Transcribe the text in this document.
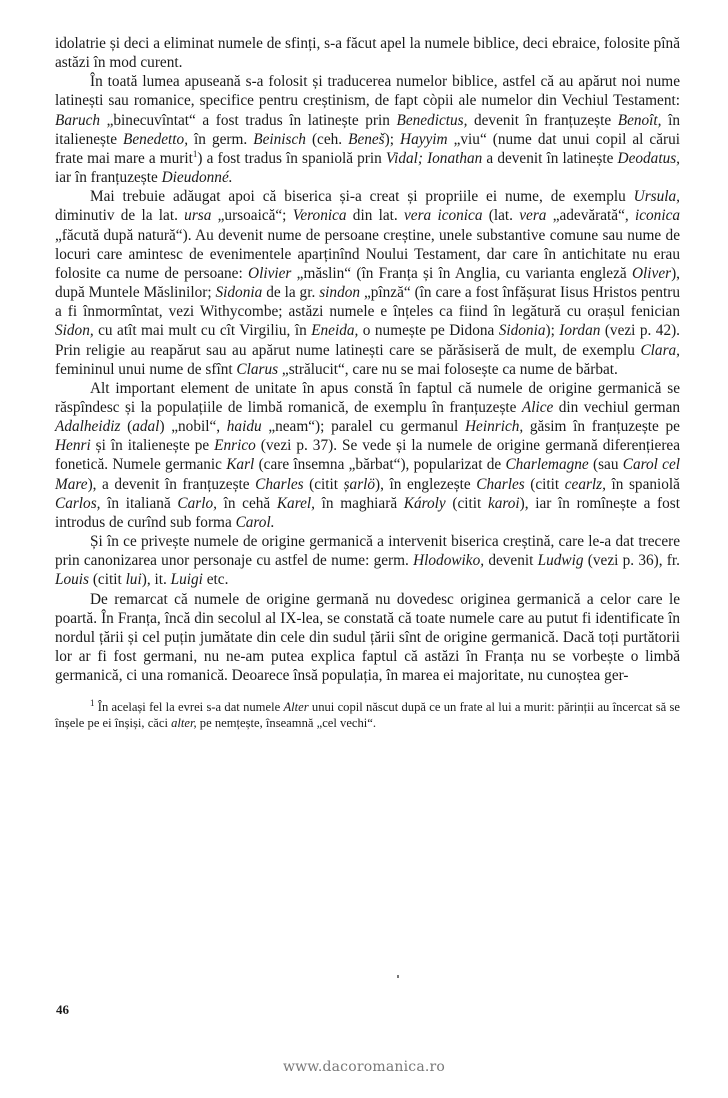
idolatrie și deci a eliminat numele de sfinți, s-a făcut apel la numele biblice, deci ebraice, folosite pînă astăzi în mod curent.

În toată lumea apuseană s-a folosit și traducerea numelor biblice, astfel că au apărut noi nume latinești sau romanice, specifice pentru creștinism, de fapt còpii ale numelor din Vechiul Testament: Baruch „binecuvîntat“ a fost tradus în latinește prin Benedictus, devenit în franțuzește Benoît, în italienește Benedetto, în germ. Beinisch (ceh. Beneš); Hayyim „viu“ (nume dat unui copil al cărui frate mai mare a murit$^1$) a fost tradus în spaniolă prin Vidal; Ionathan a devenit în latinește Deodatus, iar în franțuzește Dieudonné.

Mai trebuie adăugat apoi că biserica și-a creat și propriile ei nume, de exemplu Ursula, diminutiv de la lat. ursa „ursoaică“; Veronica din lat. vera iconica (lat. vera „adevărată“, iconica „făcută după natură“). Au devenit nume de persoane creștine, unele substantive comune sau nume de locuri care amintesc de evenimentele aparținînd Noului Testament, dar care în antichitate nu erau folosite ca nume de persoane: Olivier „măslin“ (în Franța și în Anglia, cu varianta engleză Oliver), după Muntele Măslinilor; Sidonia de la gr. sindon „pînză“ (în care a fost înfășurat Iisus Hristos pentru a fi înmormîntat, vezi Withycombe; astăzi numele e înțeles ca fiind în legătură cu orașul fenician Sidon, cu atît mai mult cu cît Virgiliu, în Eneida, o numește pe Didona Sidonia); Iordan (vezi p. 42). Prin religie au reapărut sau au apărut nume latinești care se părăsiseră de mult, de exemplu Clara, femininul unui nume de sfînt Clarus „strălucit“, care nu se mai folosește ca nume de bărbat.

Alt important element de unitate în apus constă în faptul că numele de origine germanică se răspîndesc și la populațiile de limbă romanică, de exemplu în franțuzește Alice din vechiul german Adalheidiz (adal) „nobil“, haidu „neam“); paralel cu germanul Heinrich, găsim în franțuzește pe Henri și în italienește pe Enrico (vezi p. 37). Se vede și la numele de origine germană diferențierea fonetică. Numele germanic Karl (care însemna „bărbat“), popularizat de Charlemagne (sau Carol cel Mare), a devenit în franțuzește Charles (citit șarlö), în englezește Charles (citit cearlz, în spaniolă Carlos, în italiană Carlo, în cehă Karel, în maghiară Károly (citit karoi), iar în romînește a fost introdus de curînd sub forma Carol.

Și în ce privește numele de origine germanică a intervenit biserica creștină, care le-a dat trecere prin canonizarea unor personaje cu astfel de nume: germ. Hlodowiko, devenit Ludwig (vezi p. 36), fr. Louis (citit lui), it. Luigi etc.

De remarcat că numele de origine germană nu dovedesc originea germanică a celor care le poartă. În Franța, încă din secolul al IX-lea, se constată că toate numele care au putut fi identificate în nordul țării și cel puțin jumătate din cele din sudul țării sînt de origine germanică. Dacă toți purtătorii lor ar fi fost germani, nu ne-am putea explica faptul că astăzi în Franța nu se vorbește o limbă germanică, ci una romanică. Deoarece însă populația, în marea ei majoritate, nu cunoștea ger-

$^1$ În același fel la evrei s-a dat numele Alter unui copil născut după ce un frate al lui a murit: părinții au încercat să se înșele pe ei înșiși, căci alter, pe nemțește, înseamnă „cel vechi“.

46
www.dacoromanica.ro
